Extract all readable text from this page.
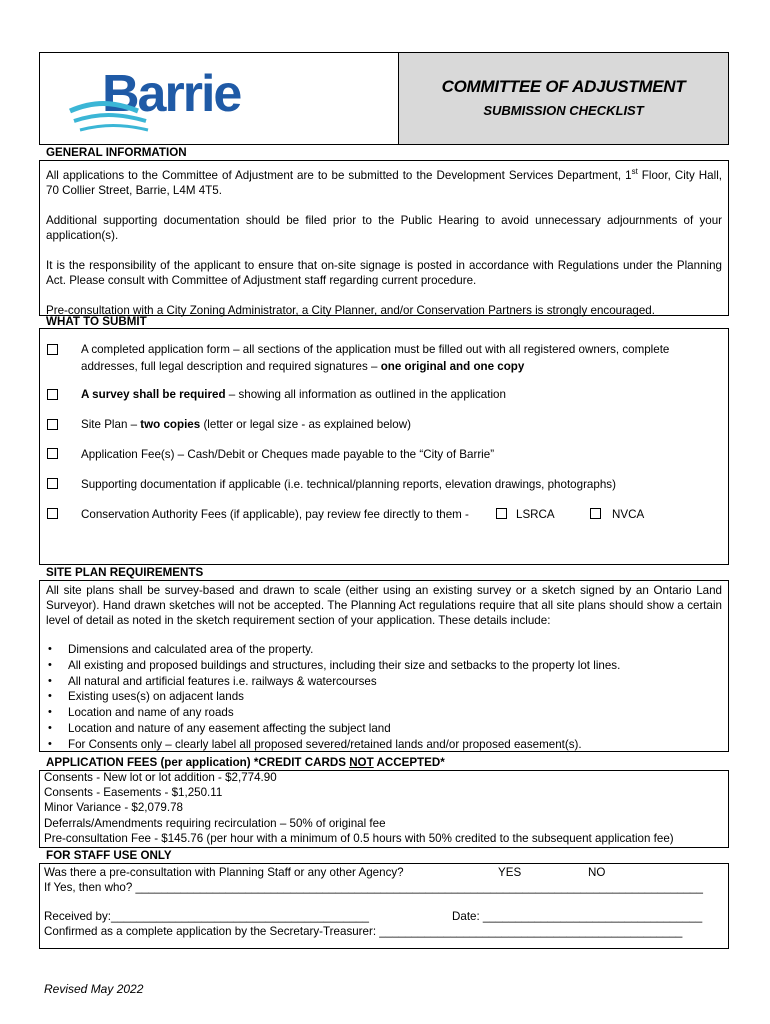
Barrie	COMMITTEE OF ADJUSTMENT
SUBMISSION CHECKLIST
GENERAL INFORMATION

All applications to the Committee of Adjustment are to be submitted to the Development Services Department, 1st Floor, City Hall, 70 Collier Street, Barrie, L4M 4T5.

Additional supporting documentation should be filed prior to the Public Hearing to avoid unnecessary adjournments of your application(s).

It is the responsibility of the applicant to ensure that on-site signage is posted in accordance with Regulations under the Planning Act. Please consult with Committee of Adjustment staff regarding current procedure.

Pre-consultation with a City Zoning Administrator, a City Planner, and/or Conservation Partners is strongly encouraged.

WHAT TO SUBMIT
A completed application form – all sections of the application must be filled out with all registered owners, complete
addresses, full legal description and required signatures – one original and one copy
A survey shall be required – showing all information as outlined in the application
Site Plan – two copies (letter or legal size - as explained below)
Application Fee(s) – Cash/Debit or Cheques made payable to the “City of Barrie”
Supporting documentation if applicable (i.e. technical/planning reports, elevation drawings, photographs)
Conservation Authority Fees (if applicable), pay review fee directly to them -	LSRCA	NVCA
SITE PLAN REQUIREMENTS

All site plans shall be survey-based and drawn to scale (either using an existing survey or a sketch signed by an Ontario Land Surveyor). Hand drawn sketches will not be accepted. The Planning Act regulations require that all site plans should show a certain level of detail as noted in the sketch requirement section of your application. These details include:

• Dimensions and calculated area of the property.
• All existing and proposed buildings and structures, including their size and setbacks to the property lot lines.
• All natural and artificial features i.e. railways & watercourses
• Existing uses(s) on adjacent lands
• Location and name of any roads
• Location and nature of any easement affecting the subject land
• For Consents only – clearly label all proposed severed/retained lands and/or proposed easement(s).
APPLICATION FEES (per application) *CREDIT CARDS NOT ACCEPTED*
Consents - New lot or lot addition - $2,774.90
Consents - Easements - $1,250.11
Minor Variance - $2,079.78
Deferrals/Amendments requiring recirculation – 50% of original fee
Pre-consultation Fee - $145.76 (per hour with a minimum of 0.5 hours with 50% credited to the subsequent application fee)
FOR STAFF USE ONLY
Was there a pre-consultation with Planning Staff or any other Agency?	YES	NO
If Yes, then who? ________________________________________________________________________________________
Received by:________________________________________	Date: __________________________________
Confirmed as a complete application by the Secretary-Treasurer: _______________________________________________
Revised May 2022
